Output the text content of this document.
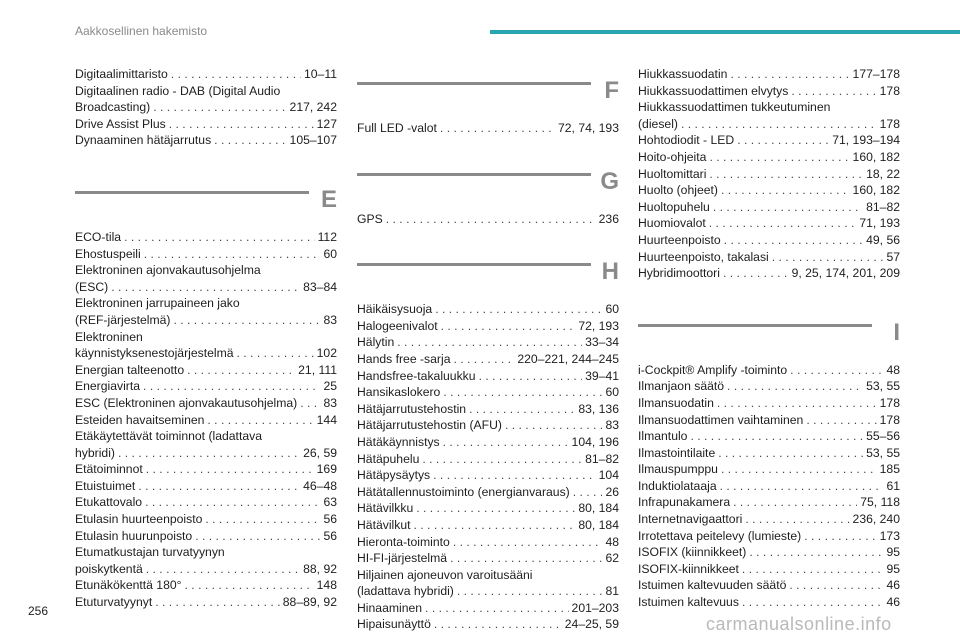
Aakkosellinen hakemisto
Digitaalimittaristo . . .	10–11
Digitaalinen radio - DAB (Digital Audio
Broadcasting) . . .	217, 242
Drive Assist Plus . . .	127
Dynaaminen hätäjarrutus . . .	105–107
E
ECO-tila . . .	112
Ehostuspeili . . .	60
Elektroninen ajonvakautusohjelma
(ESC) . . .	83–84
Elektroninen jarrupaineen jako
(REF-järjestelmä) . . .	83
Elektroninen
käynnistyksenestojärjestelmä . . .	102
Energian talteenotto . . .	21, 111
Energiavirta . . .	25
ESC (Elektroninen ajonvakautusohjelma) . . . 83
Esteiden havaitseminen . . .	144
Etäkäytettävät toiminnot (ladattava
hybridi) . . .	26, 59
Etätoiminnot . . .	169
Etuistuimet . . .	46–48
Etukattovalo . . .	63
Etulasin huurteenpoisto . . .	56
Etulasin huurunpoisto . . .	56
Etumatkustajan turvatyynyn
poiskytkentä . . .	88, 92
Etunäkökenttä 180° . . .	148
Etuturvatyynyt . . .	88–89, 92
F
Full LED -valot . . .	72, 74, 193
G
GPS . . .	236
H
Häikäisysuoja . . .	60
Halogeenivalot . . .	72, 193
Hälytin . . .	33–34
Hands free -sarja . . .	220–221, 244–245
Handsfree-takaluukku . . .	39–41
Hansikaslokero . . .	60
Hätäjarrutustehostin . . .	83, 136
Hätäjarrutustehostin (AFU) . . .	83
Hätäkäynnistys . . .	104, 196
Hätäpuhelu . . .	81–82
Hätäpysäytys . . .	104
Hätätallennustoiminto (energianvaraus) . . .	26
Hätävilkku . . .	80, 184
Hätävilkut . . .	80, 184
Hieronta-toiminto . . .	48
HI-FI-järjestelmä . . .	62
Hiljainen ajoneuvon varoitusääni
(ladattava hybridi) . . .	81
Hinaaminen . . .	201–203
Hipaisunäyttö . . .	24–25, 59
Hiukkassuodatin . . .	177–178
Hiukkassuodattimen elvytys . . .	178
Hiukkassuodattimen tukkeutuminen
(diesel) . . .	178
Hohtodiodit - LED . . .	71, 193–194
Hoito-ohjeita . . .	160, 182
Huoltomittari . . .	18, 22
Huolto (ohjeet) . . .	160, 182
Huoltopuhelu . . .	81–82
Huomiovalot . . .	71, 193
Huurteenpoisto . . .	49, 56
Huurteenpoisto, takalasi . . .	57
Hybridimoottori . . .	9, 25, 174, 201, 209
I
i-Cockpit® Amplify -toiminto . . .	48
Ilmanjaon säätö . . .	53, 55
Ilmansuodatin . . .	178
Ilmansuodattimen vaihtaminen . . .	178
Ilmantulo . . .	55–56
Ilmastointilaite . . .	53, 55
Ilmauspumppu . . .	185
Induktiolataaja . . .	61
Infrapunakamera . . .	75, 118
Internetnavigaattori . . .	236, 240
Irrotettava peitelevy (lumieste) . . .	173
ISOFIX (kiinnikkeet) . . .	95
ISOFIX-kiinnikkeet . . .	95
Istuimen kaltevuuden säätö . . .	46
Istuimen kaltevuus . . .	46
256
carmanualsonline.info
